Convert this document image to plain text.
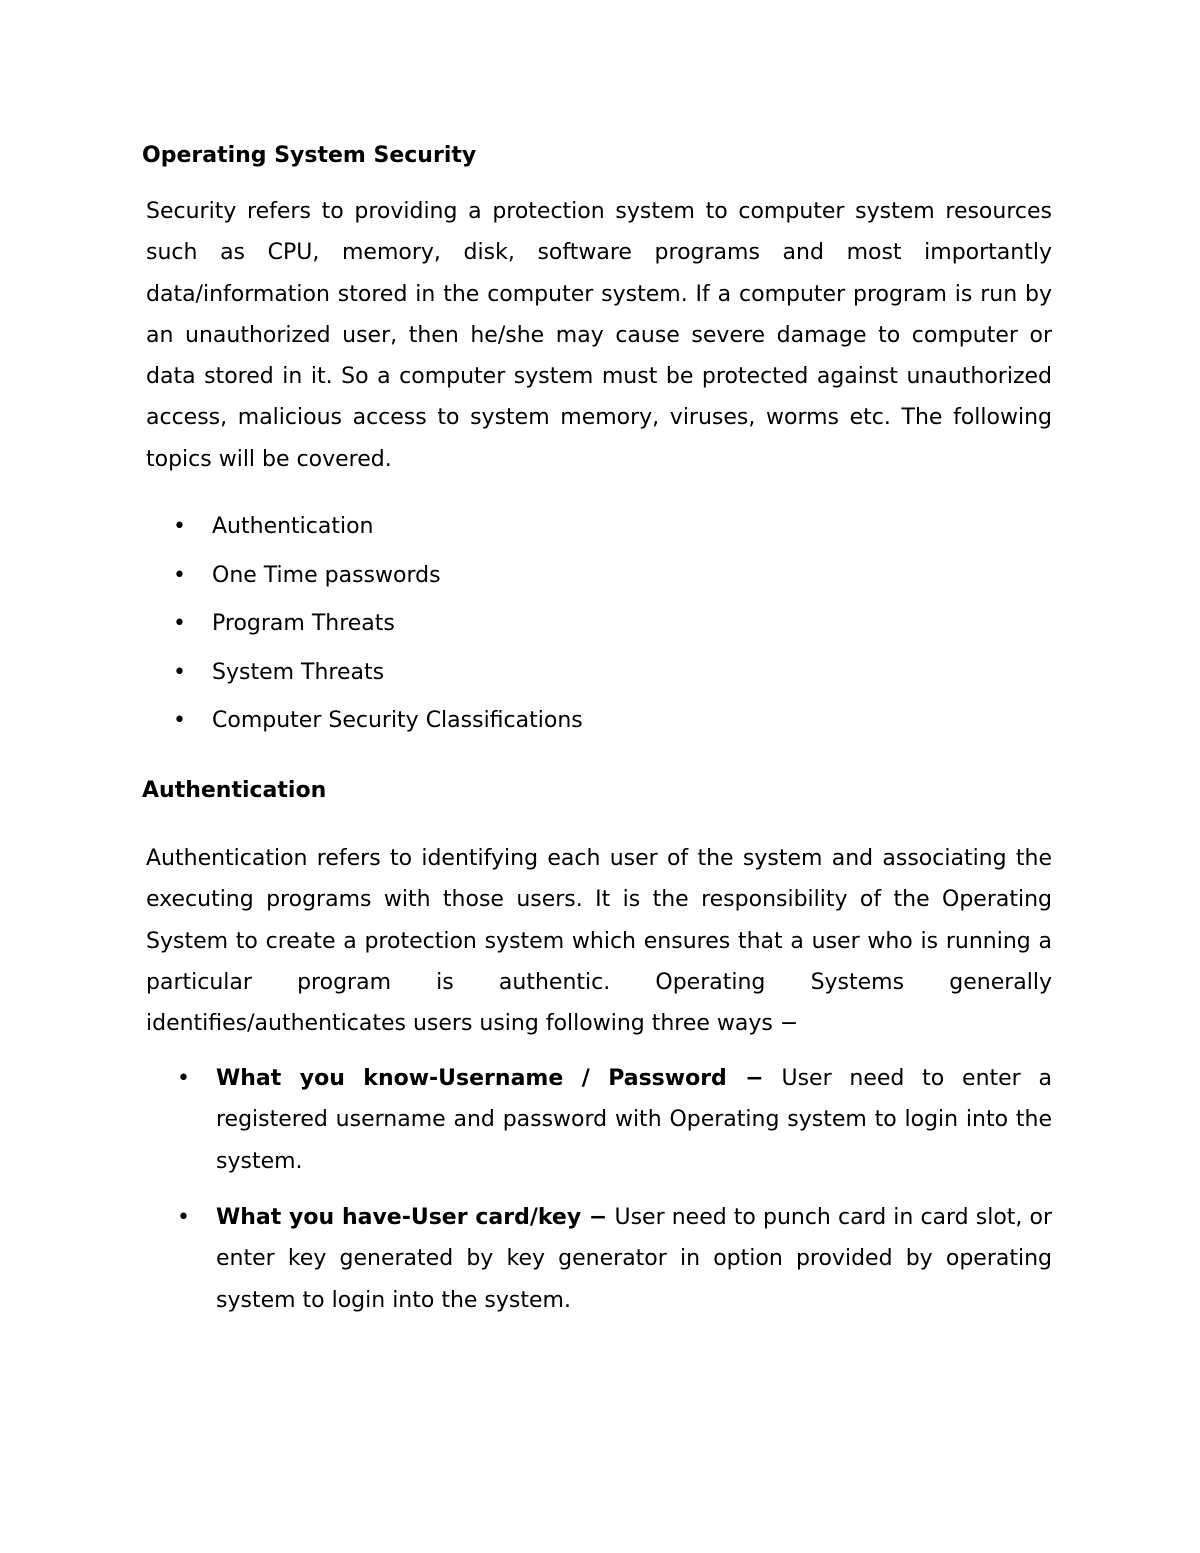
Operating System Security

Security refers to providing a protection system to computer system resources such as CPU, memory, disk, software programs and most importantly data/information stored in the computer system. If a computer program is run by an unauthorized user, then he/she may cause severe damage to computer or data stored in it. So a computer system must be protected against unauthorized access, malicious access to system memory, viruses, worms etc. The following topics will be covered.

• Authentication
• One Time passwords
• Program Threats
• System Threats
• Computer Security Classifications
Authentication

Authentication refers to identifying each user of the system and associating the executing programs with those users. It is the responsibility of the Operating System to create a protection system which ensures that a user who is running a particular program is authentic. Operating Systems generally identifies/authenticates users using following three ways −

• What you know-Username / Password − User need to enter a registered username and password with Operating system to login into the system.
• What you have-User card/key − User need to punch card in card slot, or enter key generated by key generator in option provided by operating system to login into the system.
